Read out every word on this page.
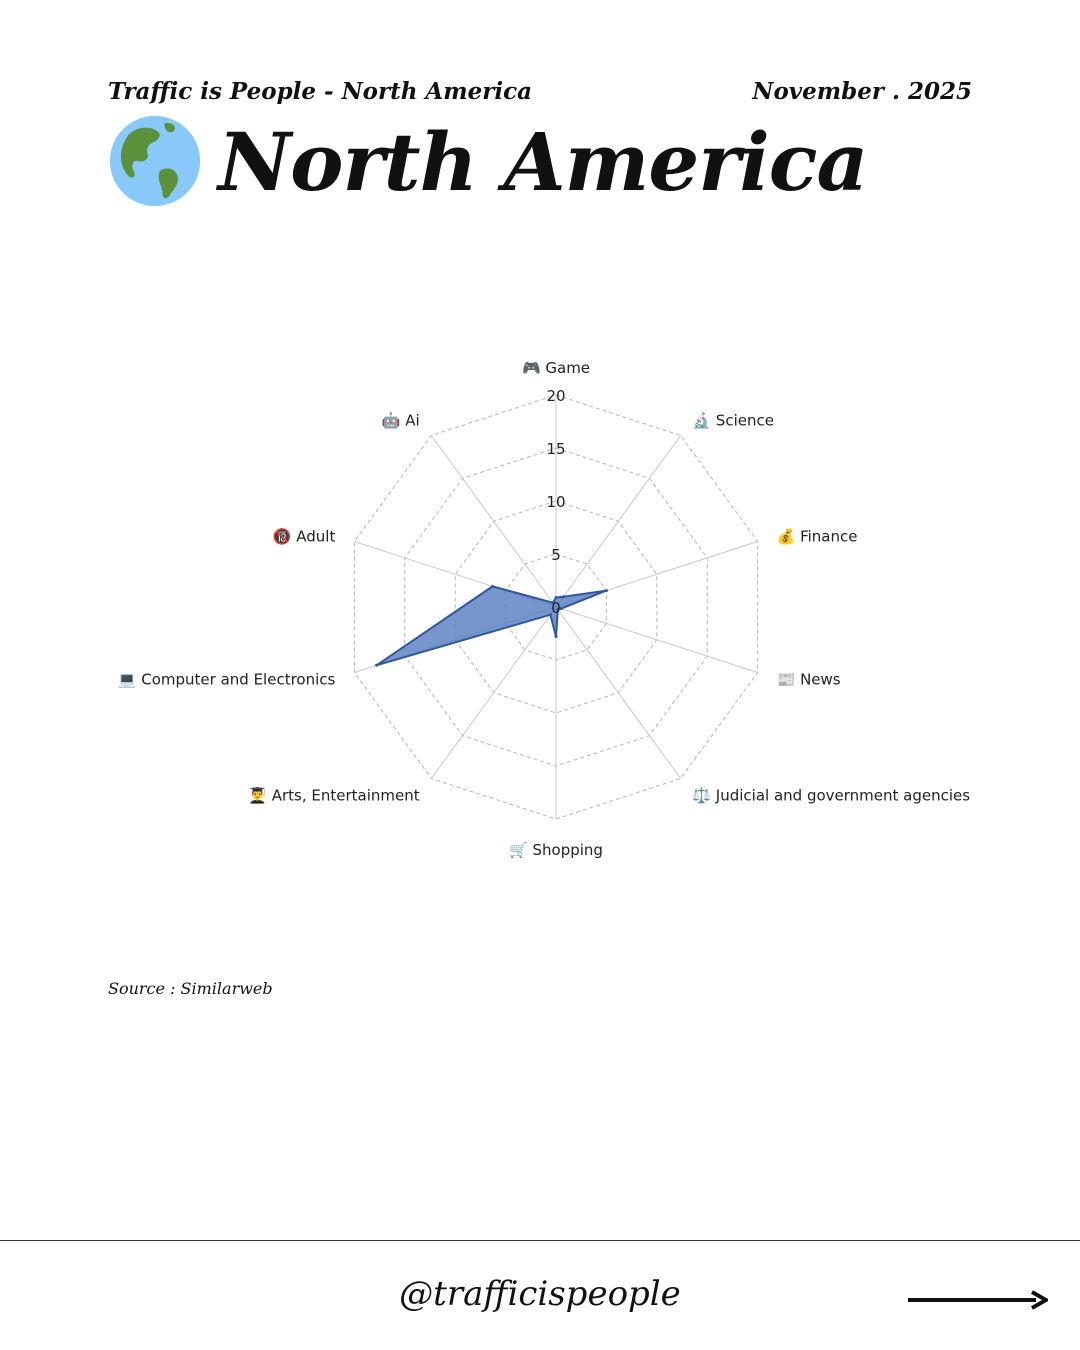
Traffic is People - North America	November . 2025
North America
0
5
10
15
20
🎮 Game
🔬 Science
💰 Finance
📰 News
⚖️ Judicial and government agencies
🛒 Shopping
👨‍🎓 Arts, Entertainment
💻 Computer and Electronics
🔞 Adult
🤖 Ai
Source : Similarweb
@trafficispeople
